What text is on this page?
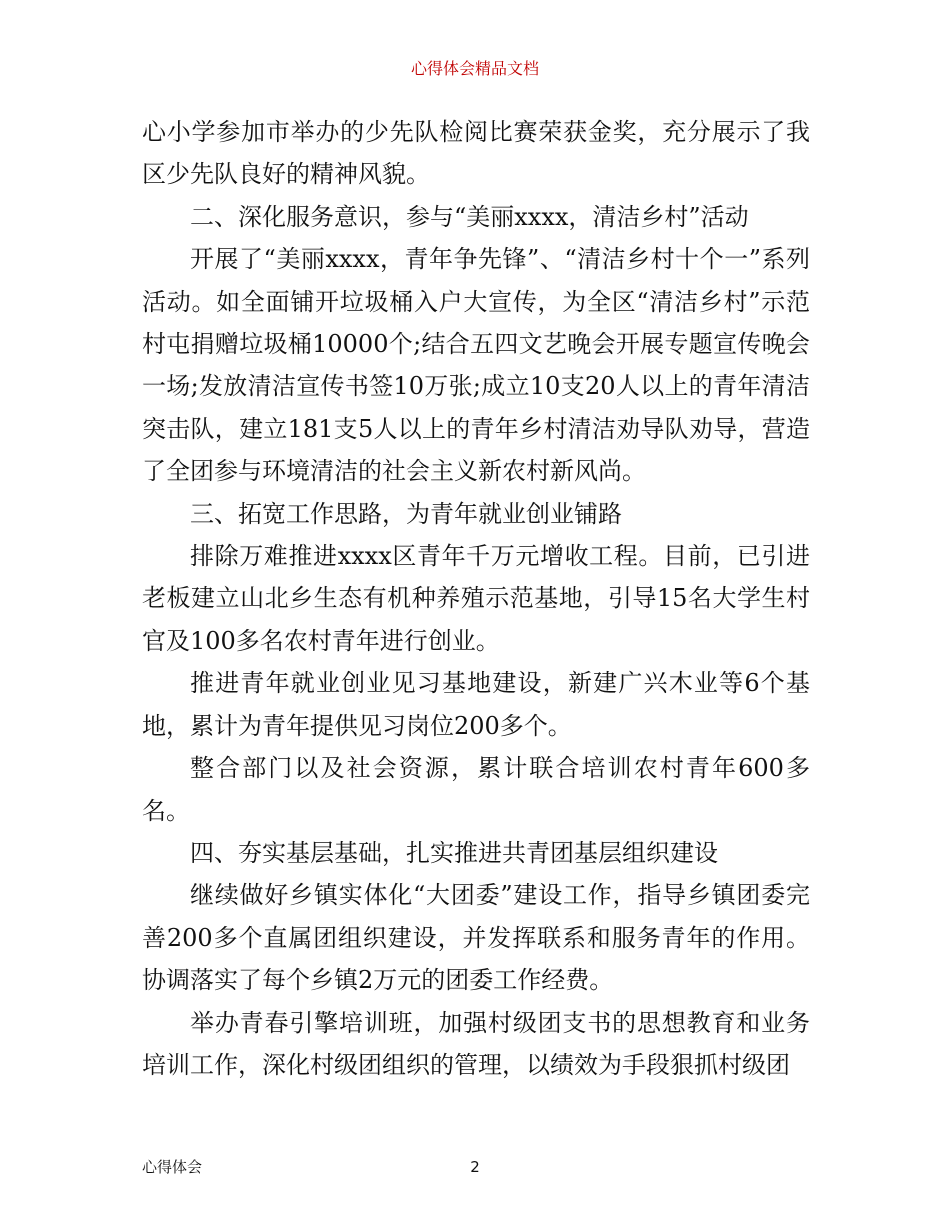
心得体会精品文档

心小学参加市举办的少先队检阅比赛荣获金奖，充分展示了我区少先队良好的精神风貌。

二、深化服务意识，参与“美丽xxxx，清洁乡村”活动

开展了“美丽xxxx，青年争先锋”、“清洁乡村十个一”系列活动。如全面铺开垃圾桶入户大宣传，为全区“清洁乡村”示范村屯捐赠垃圾桶10000个;结合五四文艺晚会开展专题宣传晚会一场;发放清洁宣传书签10万张;成立10支20人以上的青年清洁突击队，建立181支5人以上的青年乡村清洁劝导队劝导，营造了全团参与环境清洁的社会主义新农村新风尚。

三、拓宽工作思路，为青年就业创业铺路

排除万难推进xxxx区青年千万元增收工程。目前，已引进老板建立山北乡生态有机种养殖示范基地，引导15名大学生村官及100多名农村青年进行创业。

推进青年就业创业见习基地建设，新建广兴木业等6个基地，累计为青年提供见习岗位200多个。

整合部门以及社会资源，累计联合培训农村青年600多名。

四、夯实基层基础，扎实推进共青团基层组织建设

继续做好乡镇实体化“大团委”建设工作，指导乡镇团委完善200多个直属团组织建设，并发挥联系和服务青年的作用。协调落实了每个乡镇2万元的团委工作经费。

举办青春引擎培训班，加强村级团支书的思想教育和业务培训工作，深化村级团组织的管理，以绩效为手段狠抓村级团

心得体会	2
